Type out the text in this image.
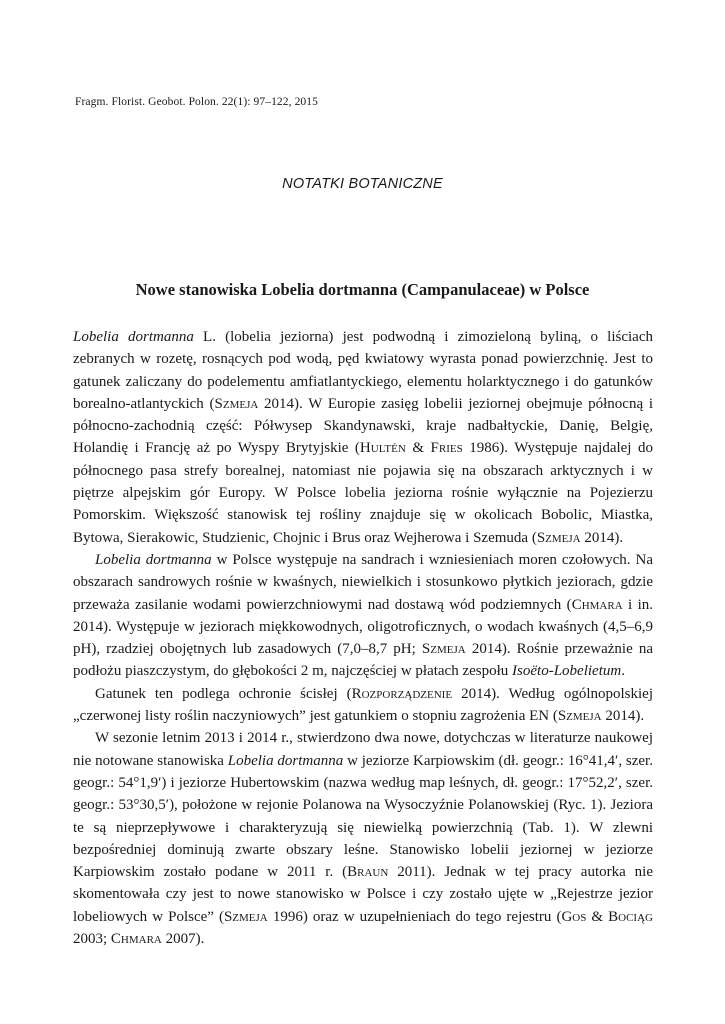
Fragm. Florist. Geobot. Polon. 22(1): 97–122, 2015
NOTATKI BOTANICZNE
Nowe stanowiska Lobelia dortmanna (Campanulaceae) w Polsce

Lobelia dortmanna L. (lobelia jeziorna) jest podwodną i zimozieloną byliną, o liściach zebranych w rozetę, rosnących pod wodą, pęd kwiatowy wyrasta ponad powierzchnię. Jest to gatunek zaliczany do podelementu amfiatlantyckiego, elementu holarktycznego i do gatunków borealno-atlantyckich (Szmeja 2014). W Europie zasięg lobelii jeziornej obejmuje północną i północno-zachodnią część: Półwysep Skandynawski, kraje nadbałtyckie, Danię, Belgię, Holandię i Francję aż po Wyspy Brytyjskie (Hultén & Fries 1986). Występuje najdalej do północnego pasa strefy borealnej, natomiast nie pojawia się na obszarach arktycznych i w piętrze alpejskim gór Europy. W Polsce lobelia jeziorna rośnie wyłącznie na Pojezierzu Pomorskim. Większość stanowisk tej rośliny znajduje się w okolicach Bobolic, Miastka, Bytowa, Sierakowic, Studzienic, Chojnic i Brus oraz Wejherowa i Szemuda (Szmeja 2014).

Lobelia dortmanna w Polsce występuje na sandrach i wzniesieniach moren czołowych. Na obszarach sandrowych rośnie w kwaśnych, niewielkich i stosunkowo płytkich jeziorach, gdzie przeważa zasilanie wodami powierzchniowymi nad dostawą wód podziemnych (Chmara i in. 2014). Występuje w jeziorach miękkowodnych, oligotroficznych, o wodach kwaśnych (4,5–6,9 pH), rzadziej obojętnych lub zasadowych (7,0–8,7 pH; Szmeja 2014). Rośnie przeważnie na podłożu piaszczystym, do głębokości 2 m, najczęściej w płatach zespołu Isoëto-Lobelietum.

Gatunek ten podlega ochronie ścisłej (Rozporządzenie 2014). Według ogólnopolskiej „czerwonej listy roślin naczyniowych” jest gatunkiem o stopniu zagrożenia EN (Szmeja 2014).

W sezonie letnim 2013 i 2014 r., stwierdzono dwa nowe, dotychczas w literaturze naukowej nie notowane stanowiska Lobelia dortmanna w jeziorze Karpiowskim (dł. geogr.: 16°41,4′, szer. geogr.: 54°1,9′) i jeziorze Hubertowskim (nazwa według map leśnych, dł. geogr.: 17°52,2′, szer. geogr.: 53°30,5′), położone w rejonie Polanowa na Wysoczyźnie Polanowskiej (Ryc. 1). Jeziora te są nieprzepływowe i charakteryzują się niewielką powierzchnią (Tab. 1). W zlewni bezpośredniej dominują zwarte obszary leśne. Stanowisko lobelii jeziornej w jeziorze Karpiowskim zostało podane w 2011 r. (Braun 2011). Jednak w tej pracy autorka nie skomentowała czy jest to nowe stanowisko w Polsce i czy zostało ujęte w „Rejestrze jezior lobeliowych w Polsce” (Szmeja 1996) oraz w uzupełnieniach do tego rejestru (Gos & Bociąg 2003; Chmara 2007).
